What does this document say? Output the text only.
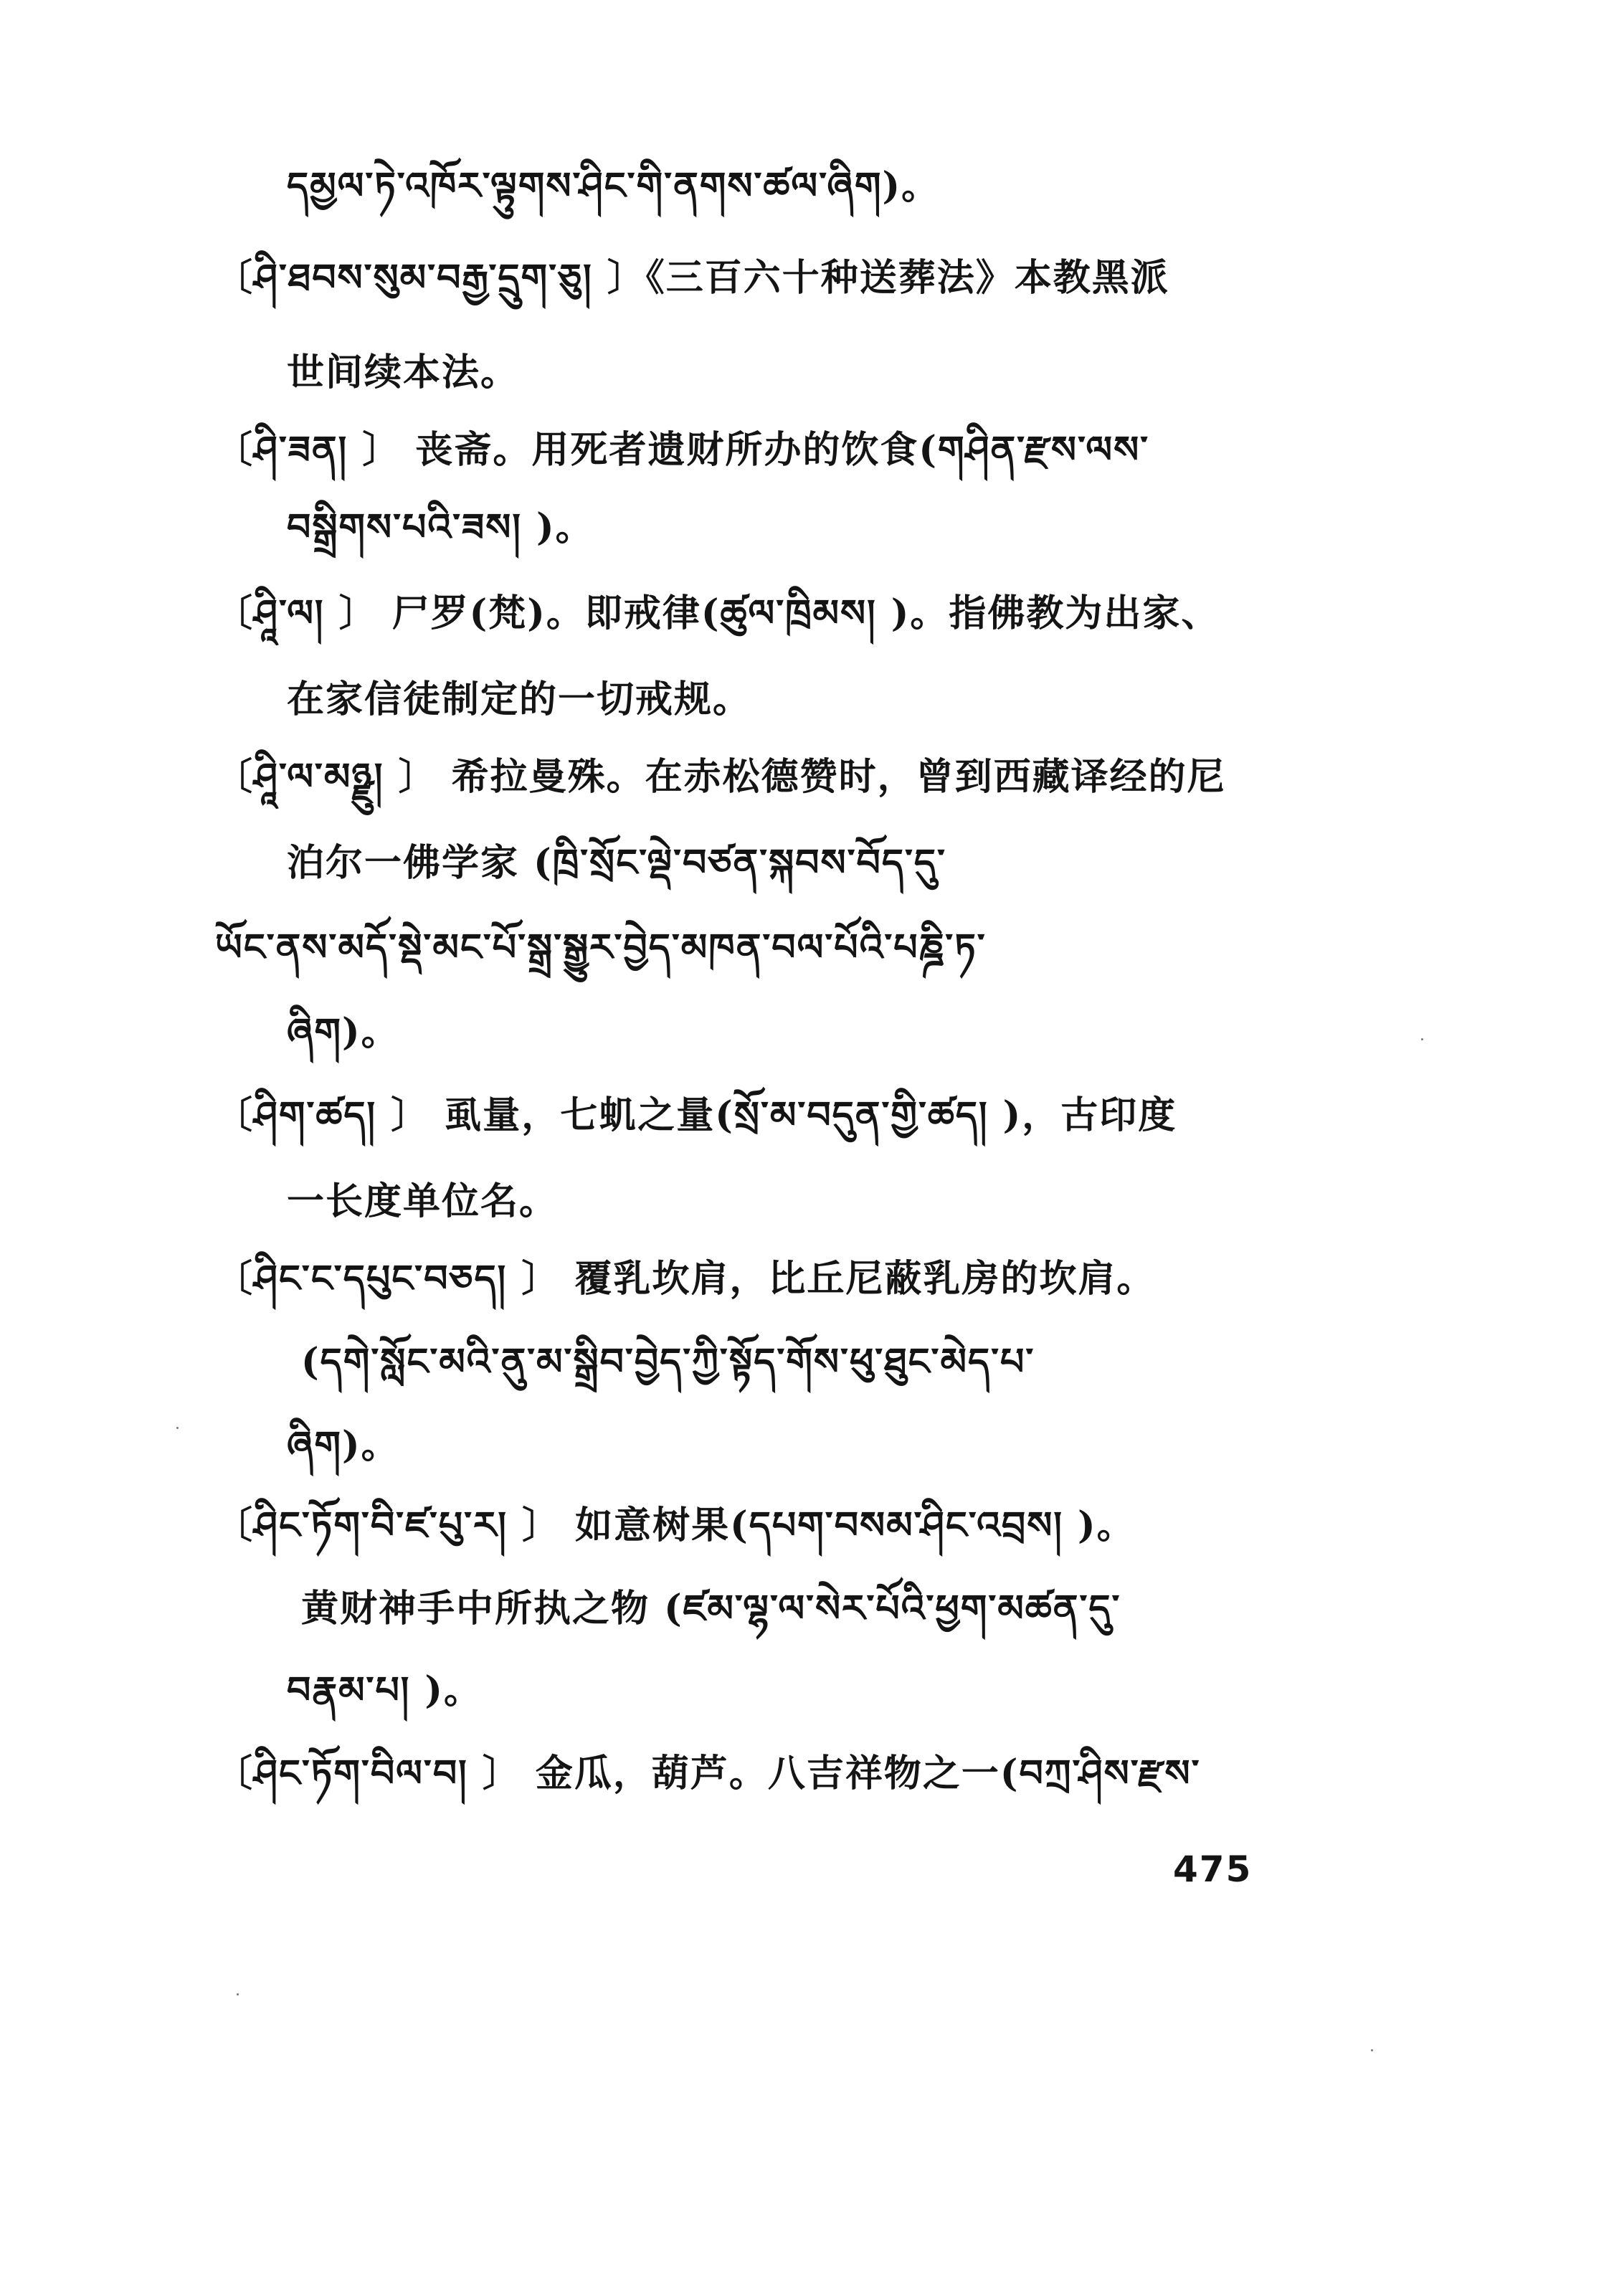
དམྱལ་ཏེ་འཁོར་ལྟུགས་ཤིང་གི་ནགས་ཚལ་ཞིག)。
〔ཤི་ཐབས་སུམ་བརྒྱ་དྲུག་ཅུ། 〕《三百六十种送葬法》本教黑派
世间续本法。
〔ཤི་ཟན། 〕 丧斋。用死者遗财所办的饮食(གཤིན་རྫས་ལས་
བསྒྲིགས་པའི་ཟས། )。
〔ཤཱི་ལ། 〕 尸罗(梵)。即戒律(ཚུལ་ཁྲིམས། )。指佛教为出家、
在家信徒制定的一切戒规。
〔ཤཱི་ལ་མཉྫུ། 〕 希拉曼殊。在赤松德赞时，曾到西藏译经的尼
泊尔一佛学家 (ཁྲི་སྲོང་ལྡེ་བཙན་སྐབས་བོད་དུ་
ཡོང་ནས་མདོ་སྡེ་མང་པོ་སྒྲ་སྒྱུར་བྱེད་མཁན་བལ་པོའི་པཎྜི་ཏ་
ཞིག)。
〔ཤིག་ཚད། 〕 虱量，七虮之量(སྲོ་མ་བདུན་གྱི་ཚད། )，古印度
一长度单位名。
〔ཤིང་ང་དཔུང་བཅད། 〕 覆乳坎肩，比丘尼蔽乳房的坎肩。
(དགེ་སློང་མའི་ནུ་མ་སྒྲིབ་བྱེད་ཀྱི་སྟོད་གོས་ཕུ་ཐུང་མེད་པ་
ཞིག)。
〔ཤིང་ཏོག་བི་ཛ་པུ་ར། 〕 如意树果(དཔག་བསམ་ཤིང་འབྲས། )。
黄财神手中所执之物 (ཛམ་ལྷ་ལ་སེར་པོའི་ཕྱག་མཚན་དུ་
བརྣམ་པ། )。
〔ཤིང་ཏོག་བིལ་བ། 〕 金瓜，葫芦。八吉祥物之一(བཀྲ་ཤིས་རྫས་
475
